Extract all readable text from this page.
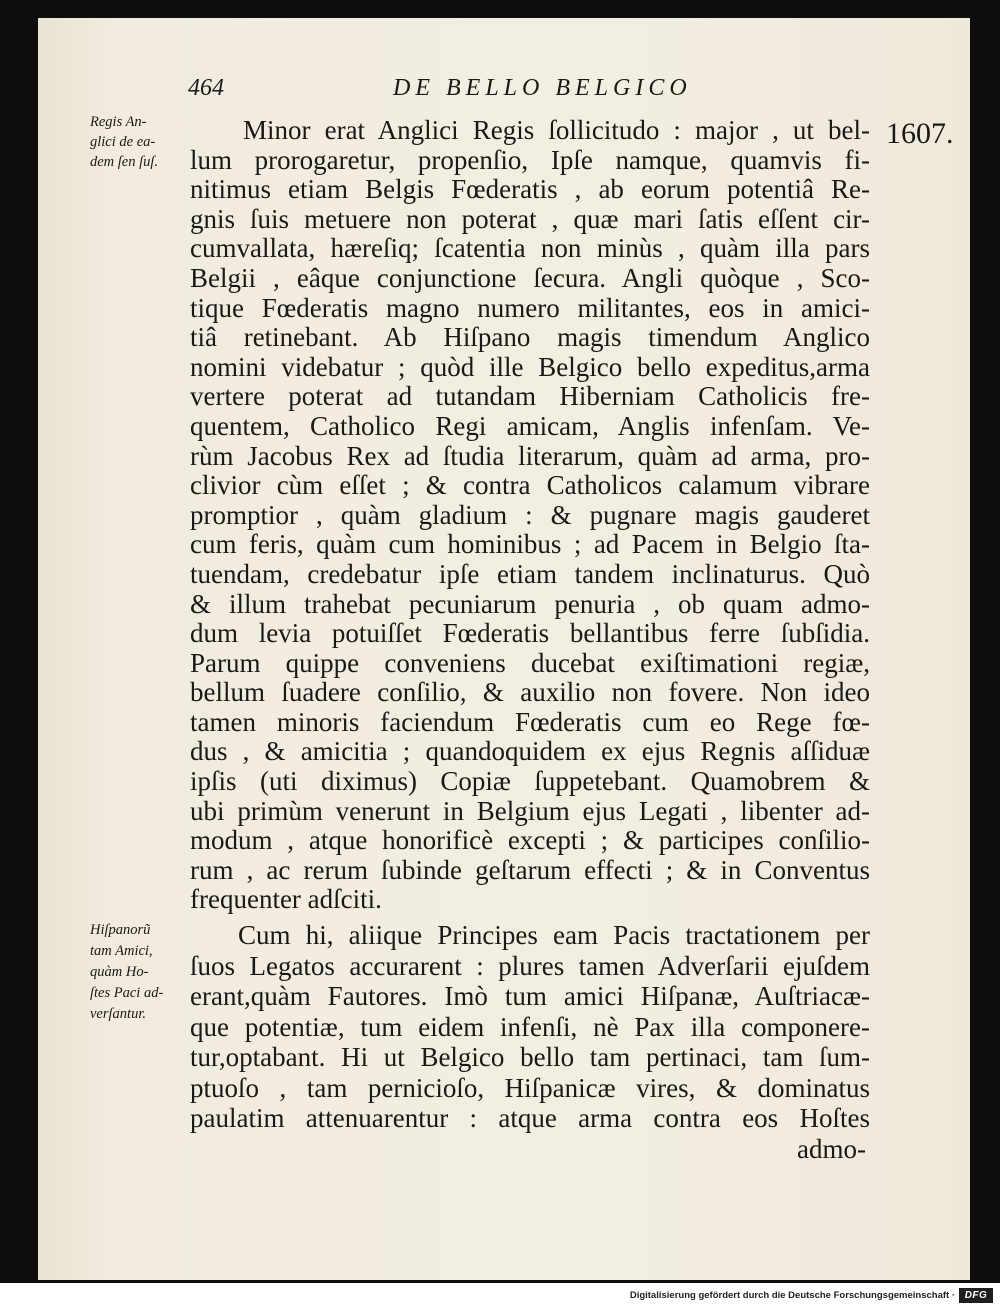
464	DE BELLO BELGICO
1607.
Regis An-
glici de ea-
dem ſen ſuſ.
Hiſpanorũ
tam Amici,
quàm Ho-
ſtes Paci ad-
verſantur.
Minor erat Anglici Regis ſollicitudo : major , ut bel-
lum prorogaretur, propenſio, Ipſe namque, quamvis fi-
nitimus etiam Belgis Fœderatis , ab eorum potentiâ Re-
gnis ſuis metuere non poterat , quæ mari ſatis eſſent cir-
cumvallata, hæreſiq; ſcatentia non minùs , quàm illa pars
Belgii , eâque conjunctione ſecura. Angli quòque , Sco-
tique Fœderatis magno numero militantes, eos in amici-
tiâ retinebant. Ab Hiſpano magis timendum Anglico
nomini videbatur ; quòd ille Belgico bello expeditus,arma
vertere poterat ad tutandam Hiberniam Catholicis fre-
quentem, Catholico Regi amicam, Anglis infenſam. Ve-
rùm Jacobus Rex ad ſtudia literarum, quàm ad arma, pro-
clivior cùm eſſet ; & contra Catholicos calamum vibrare
promptior , quàm gladium : & pugnare magis gauderet
cum feris, quàm cum hominibus ; ad Pacem in Belgio ſta-
tuendam, credebatur ipſe etiam tandem inclinaturus. Quò
& illum trahebat pecuniarum penuria , ob quam admo-
dum levia potuiſſet Fœderatis bellantibus ferre ſubſidia.
Parum quippe conveniens ducebat exiſtimationi regiæ,
bellum ſuadere conſilio, & auxilio non fovere. Non ideo
tamen minoris faciendum Fœderatis cum eo Rege fœ-
dus , & amicitia ; quandoquidem ex ejus Regnis aſſiduæ
ipſis (uti diximus) Copiæ ſuppetebant. Quamobrem &
ubi primùm venerunt in Belgium ejus Legati , libenter ad-
modum , atque honorificè excepti ; & participes conſilio-
rum , ac rerum ſubinde geſtarum effecti ; & in Conventus
frequenter adſciti.
Cum hi, aliique Principes eam Pacis tractationem per
ſuos Legatos accurarent : plures tamen Adverſarii ejuſdem
erant,quàm Fautores. Imò tum amici Hiſpanæ, Auſtriacæ-
que potentiæ, tum eidem infenſi, nè Pax illa componere-
tur,optabant. Hi ut Belgico bello tam pertinaci, tam ſum-
ptuoſo , tam pernicioſo, Hiſpanicæ vires, & dominatus
paulatim attenuarentur : atque arma contra eos Hoſtes
admo-
Digitalisierung gefördert durch die Deutsche Forschungsgemeinschaft · DFG
